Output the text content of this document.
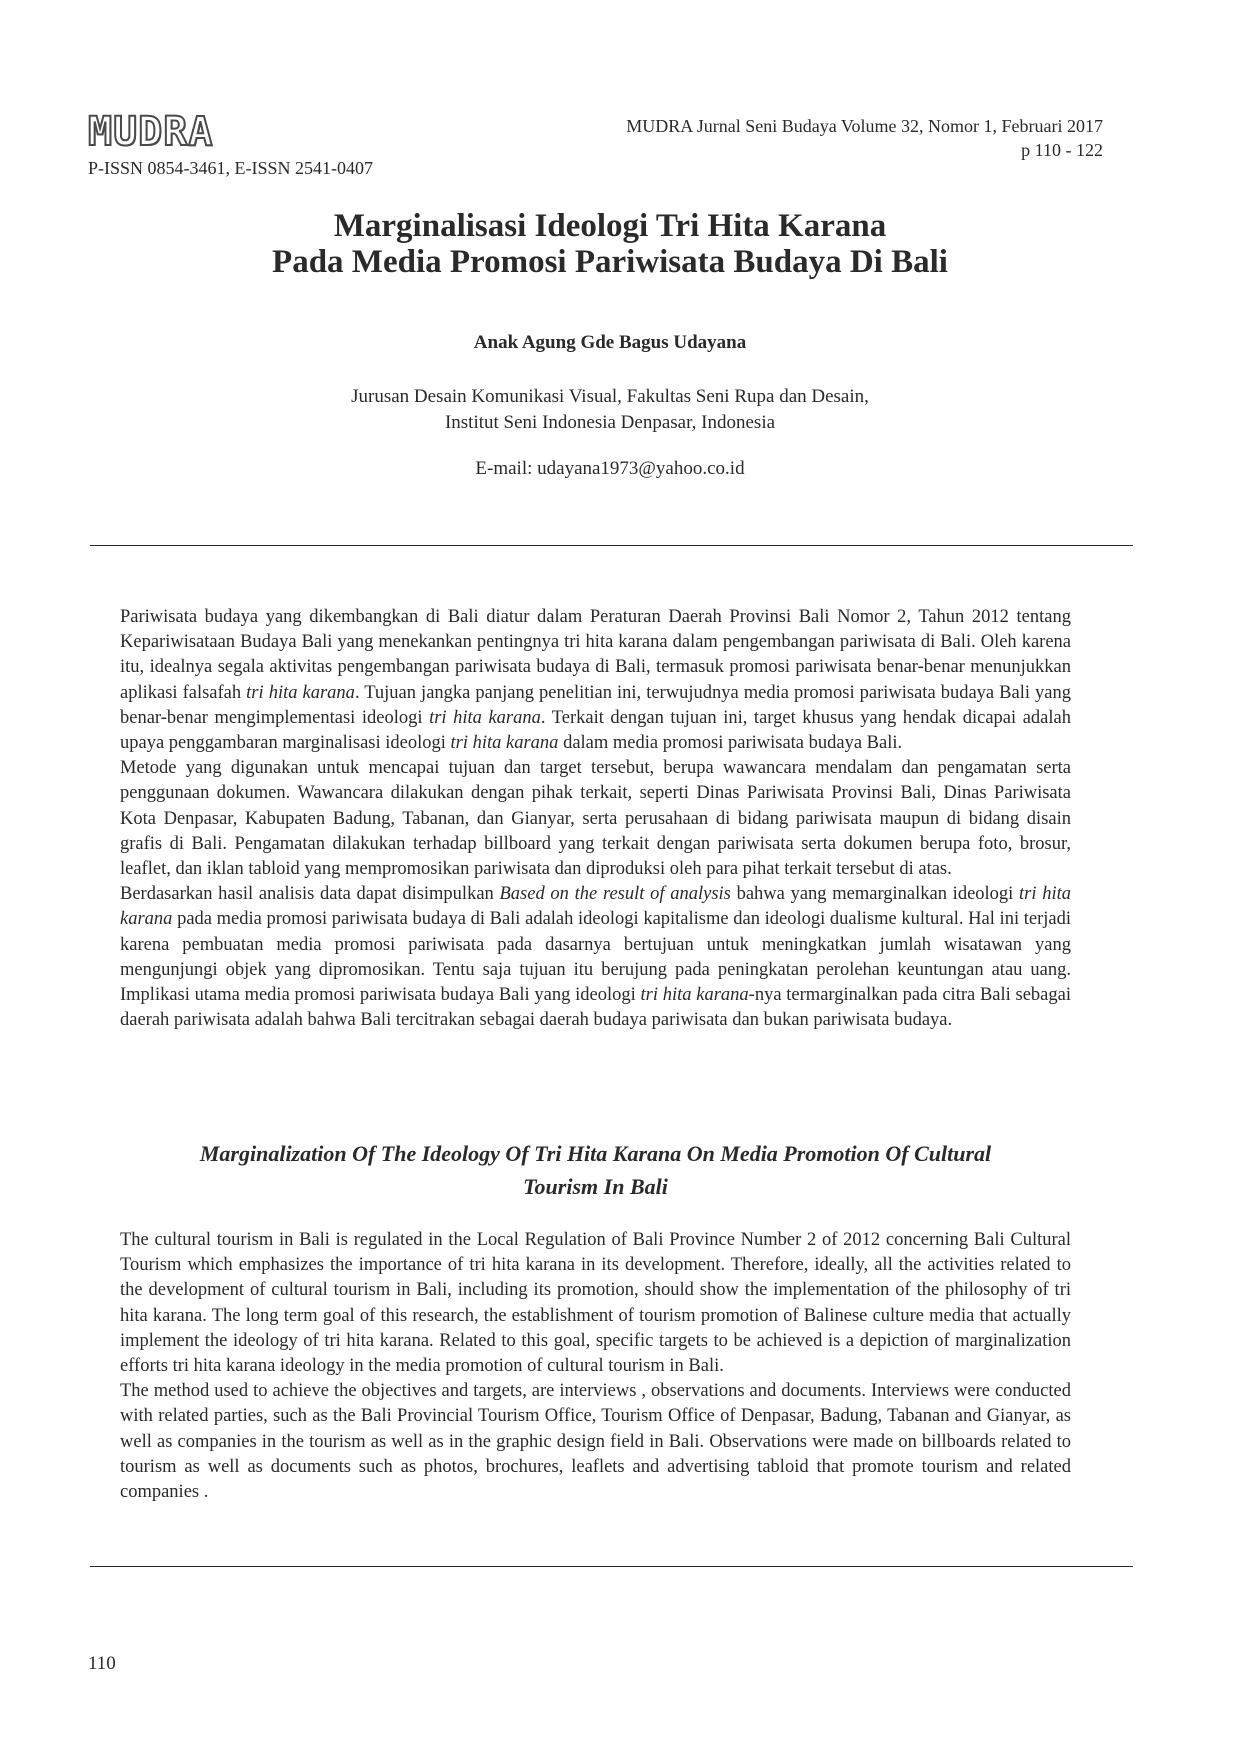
MUDRA
P-ISSN 0854-3461, E-ISSN 2541-0407
MUDRA Jurnal Seni Budaya Volume 32, Nomor 1, Februari 2017
p 110 - 122
Marginalisasi Ideologi Tri Hita Karana
Pada Media Promosi Pariwisata Budaya Di Bali
Anak Agung Gde Bagus Udayana
Jurusan Desain Komunikasi Visual, Fakultas Seni Rupa dan Desain,
Institut Seni Indonesia Denpasar, Indonesia
E-mail: udayana1973@yahoo.co.id

Pariwisata budaya yang dikembangkan di Bali diatur dalam Peraturan Daerah Provinsi Bali Nomor 2, Tahun 2012 tentang Kepariwisataan Budaya Bali yang menekankan pentingnya tri hita karana dalam pengembangan pariwisata di Bali. Oleh karena itu, idealnya segala aktivitas pengembangan pariwisata budaya di Bali, termasuk promosi pariwisata benar-benar menunjukkan aplikasi falsafah tri hita karana. Tujuan jangka panjang penelitian ini, terwujudnya media promosi pariwisata budaya Bali yang benar-benar mengimplementasi ideologi tri hita karana. Terkait dengan tujuan ini, target khusus yang hendak dicapai adalah upaya penggambaran marginalisasi ideologi tri hita karana dalam media promosi pariwisata budaya Bali.

Metode yang digunakan untuk mencapai tujuan dan target tersebut, berupa wawancara mendalam dan pengamatan serta penggunaan dokumen. Wawancara dilakukan dengan pihak terkait, seperti Dinas Pariwisata Provinsi Bali, Dinas Pariwisata Kota Denpasar, Kabupaten Badung, Tabanan, dan Gianyar, serta perusahaan di bidang pariwisata maupun di bidang disain grafis di Bali. Pengamatan dilakukan terhadap billboard yang terkait dengan pariwisata serta dokumen berupa foto, brosur, leaflet, dan iklan tabloid yang mempromosikan pariwisata dan diproduksi oleh para pihat terkait tersebut di atas.

Berdasarkan hasil analisis data dapat disimpulkan Based on the result of analysis bahwa yang memarginalkan ideologi tri hita karana pada media promosi pariwisata budaya di Bali adalah ideologi kapitalisme dan ideologi dualisme kultural. Hal ini terjadi karena pembuatan media promosi pariwisata pada dasarnya bertujuan untuk meningkatkan jumlah wisatawan yang mengunjungi objek yang dipromosikan. Tentu saja tujuan itu berujung pada peningkatan perolehan keuntungan atau uang. Implikasi utama media promosi pariwisata budaya Bali yang ideologi tri hita karana-nya termarginalkan pada citra Bali sebagai daerah pariwisata adalah bahwa Bali tercitrakan sebagai daerah budaya pariwisata dan bukan pariwisata budaya.

Marginalization Of The Ideology Of Tri Hita Karana On Media Promotion Of Cultural
Tourism In Bali

The cultural tourism in Bali is regulated in the Local Regulation of Bali Province Number 2 of 2012 concerning Bali Cultural Tourism which emphasizes the importance of tri hita karana in its development. Therefore, ideally, all the activities related to the development of cultural tourism in Bali, including its promotion, should show the implementation of the philosophy of tri hita karana. The long term goal of this research, the establishment of tourism promotion of Balinese culture media that actually implement the ideology of tri hita karana. Related to this goal, specific targets to be achieved is a depiction of marginalization efforts tri hita karana ideology in the media promotion of cultural tourism in Bali.

The method used to achieve the objectives and targets, are interviews , observations and documents. Interviews were conducted with related parties, such as the Bali Provincial Tourism Office, Tourism Office of Denpasar, Badung, Tabanan and Gianyar, as well as companies in the tourism as well as in the graphic design field in Bali. Observations were made on billboards related to tourism as well as documents such as photos, brochures, leaflets and advertising tabloid that promote tourism and related companies .

110
